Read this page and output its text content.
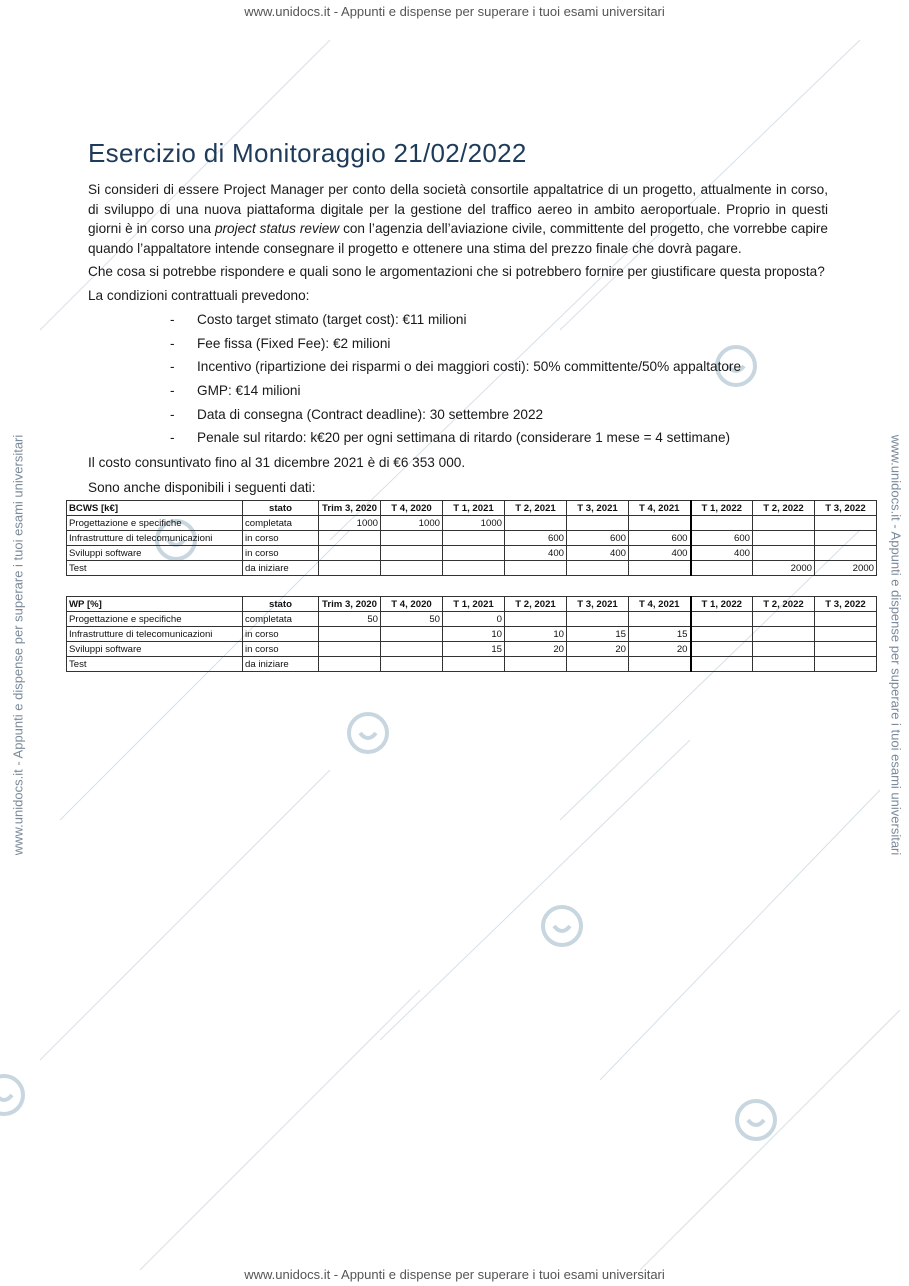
www.unidocs.it - Appunti e dispense per superare i tuoi esami universitari
www.unidocs.it - Appunti e dispense per superare i tuoi esami universitari
www.unidocs.it - Appunti e dispense per superare i tuoi esami universitari	www.unidocs.it - Appunti e dispense per superare i tuoi esami universitari
Esercizio di Monitoraggio 21/02/2022
Si consideri di essere Project Manager per conto della società consortile appaltatrice di un progetto, attualmente in corso, di sviluppo di una nuova piattaforma digitale per la gestione del traffico aereo in ambito aeroportuale. Proprio in questi giorni è in corso una project status review con l’agenzia dell’aviazione civile, committente del progetto, che vorrebbe capire quando l’appaltatore intende consegnare il progetto e ottenere una stima del prezzo finale che dovrà pagare.
Che cosa si potrebbe rispondere e quali sono le argomentazioni che si potrebbero fornire per giustificare questa proposta?
La condizioni contrattuali prevedono:
-	Costo target stimato (target cost): €11 milioni
-	Fee fissa (Fixed Fee): €2 milioni
-	Incentivo (ripartizione dei risparmi o dei maggiori costi): 50% committente/50% appaltatore
-	GMP: €14 milioni
-	Data di consegna (Contract deadline): 30 settembre 2022
-	Penale sul ritardo: k€20 per ogni settimana di ritardo (considerare 1 mese = 4 settimane)
Il costo consuntivato fino al 31 dicembre 2021 è di €6 353 000.
Sono anche disponibili i seguenti dati:
BCWS [k€]	stato	Trim 3, 2020	T 4, 2020	T 1, 2021	T 2, 2021	T 3, 2021	T 4, 2021	T 1, 2022	T 2, 2022	T 3, 2022
Progettazione e specifiche	completata	1000	1000	1000						
Infrastrutture di telecomunicazioni	in corso				600	600	600	600		
Sviluppi software	in corso				400	400	400	400		
Test	da iniziare								2000	2000
WP [%]	stato	Trim 3, 2020	T 4, 2020	T 1, 2021	T 2, 2021	T 3, 2021	T 4, 2021	T 1, 2022	T 2, 2022	T 3, 2022
Progettazione e specifiche	completata	50	50	0						
Infrastrutture di telecomunicazioni	in corso			10	10	15	15			
Sviluppi software	in corso			15	20	20	20			
Test	da iniziare									
